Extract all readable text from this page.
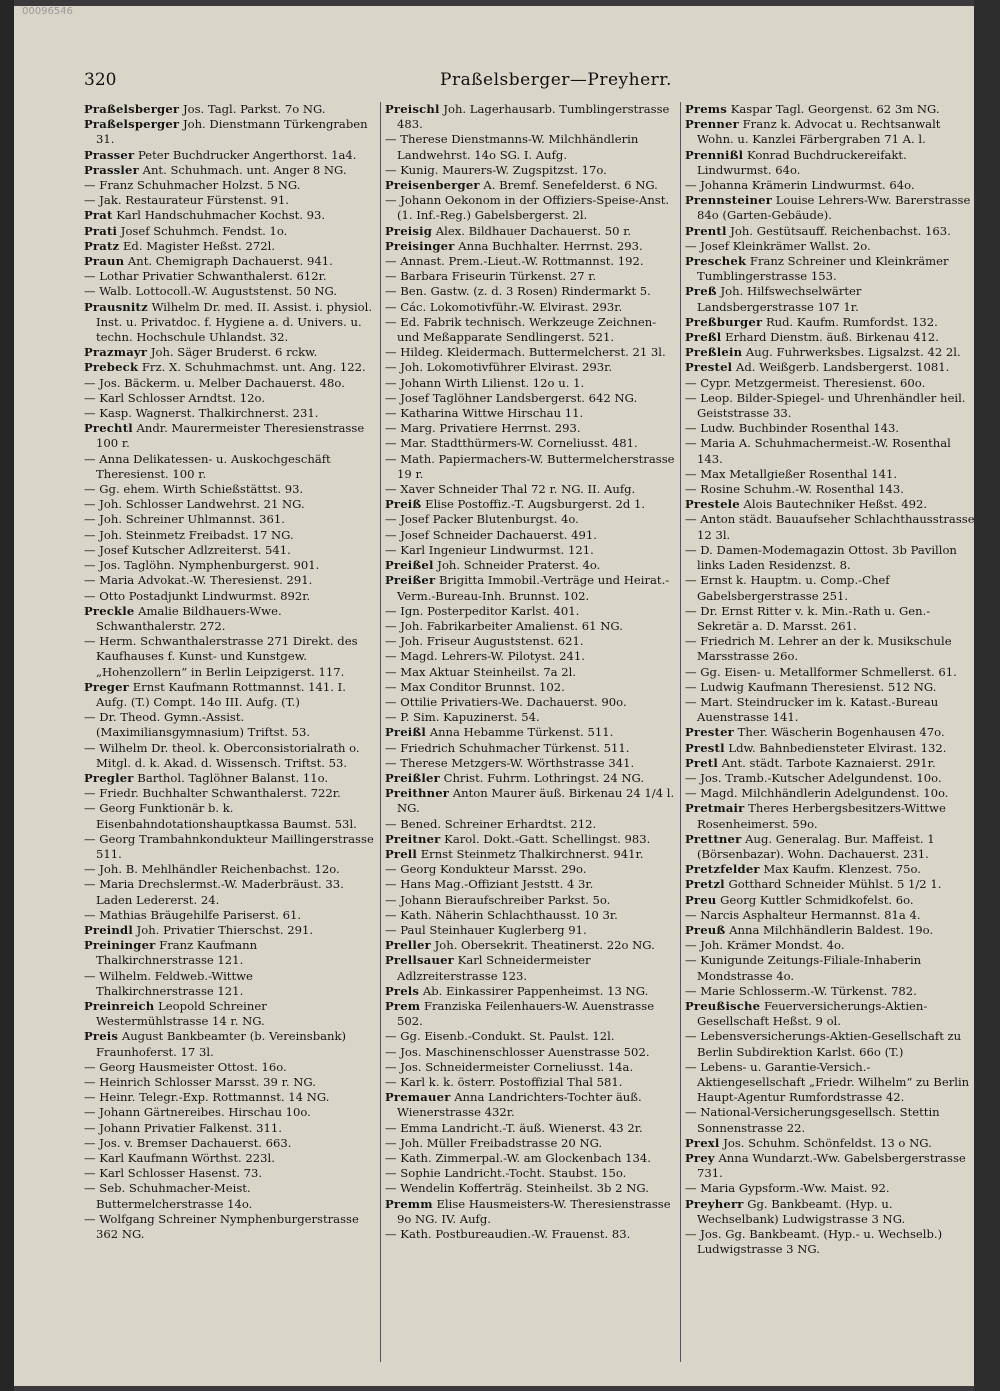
00096546
320	Praßelsberger—Preyherr.

Praßelsberger Jos. Tagl. Parkst. 7o NG.

Praßelsperger Joh. Dienstmann Türkengraben 31.

Prasser Peter Buchdrucker Angerthorst. 1a4.

Prassler Ant. Schuhmach. unt. Anger 8 NG.

— Franz Schuhmacher Holzst. 5 NG.

— Jak. Restaurateur Fürstenst. 91.

Prat Karl Handschuhmacher Kochst. 93.

Prati Josef Schuhmch. Fendst. 1o.

Pratz Ed. Magister Heßst. 272l.

Praun Ant. Chemigraph Dachauerst. 941.

— Lothar Privatier Schwanthalerst. 612r.

— Walb. Lottocoll.-W. Auguststenst. 50 NG.

Prausnitz Wilhelm Dr. med. II. Assist. i. physiol. Inst. u. Privatdoc. f. Hygiene a. d. Univers. u. techn. Hochschule Uhlandst. 32.

Prazmayr Joh. Säger Bruderst. 6 rckw.

Prebeck Frz. X. Schuhmachmst. unt. Ang. 122.

— Jos. Bäckerm. u. Melber Dachauerst. 48o.

— Karl Schlosser Arndtst. 12o.

— Kasp. Wagnerst. Thalkirchnerst. 231.

Prechtl Andr. Maurermeister Theresienstrasse 100 r.

— Anna Delikatessen- u. Auskochgeschäft Theresienst. 100 r.

— Gg. ehem. Wirth Schießstättst. 93.

— Joh. Schlosser Landwehrst. 21 NG.

— Joh. Schreiner Uhlmannst. 361.

— Joh. Steinmetz Freibadst. 17 NG.

— Josef Kutscher Adlzreiterst. 541.

— Jos. Taglöhn. Nymphenburgerst. 901.

— Maria Advokat.-W. Theresienst. 291.

— Otto Postadjunkt Lindwurmst. 892r.

Preckle Amalie Bildhauers-Wwe. Schwanthalerstr. 272.

— Herm. Schwanthalerstrasse 271 Direkt. des Kaufhauses f. Kunst- und Kunstgew. „Hohenzollern“ in Berlin Leipzigerst. 117.

Preger Ernst Kaufmann Rottmannst. 141. I. Aufg. (T.) Compt. 14o III. Aufg. (T.)

— Dr. Theod. Gymn.-Assist. (Maximiliansgymnasium) Triftst. 53.

— Wilhelm Dr. theol. k. Oberconsistorialrath o. Mitgl. d. k. Akad. d. Wissensch. Triftst. 53.

Pregler Barthol. Taglöhner Balanst. 11o.

— Friedr. Buchhalter Schwanthalerst. 722r.

— Georg Funktionär b. k. Eisenbahndotationshauptkassa Baumst. 53l.

— Georg Trambahnkondukteur Maillingerstrasse 511.

— Joh. B. Mehlhändler Reichenbachst. 12o.

— Maria Drechslermst.-W. Maderbräust. 33. Laden Ledererst. 24.

— Mathias Bräugehilfe Pariserst. 61.

Preindl Joh. Privatier Thierschst. 291.

Preininger Franz Kaufmann Thalkirchnerstrasse 121.

— Wilhelm. Feldweb.-Wittwe Thalkirchnerstrasse 121.

Preinreich Leopold Schreiner Westermühlstrasse 14 r. NG.

Preis August Bankbeamter (b. Vereinsbank) Fraunhoferst. 17 3l.

— Georg Hausmeister Ottost. 16o.

— Heinrich Schlosser Marsst. 39 r. NG.

— Heinr. Telegr.-Exp. Rottmannst. 14 NG.

— Johann Gärtnereibes. Hirschau 10o.

— Johann Privatier Falkenst. 311.

— Jos. v. Bremser Dachauerst. 663.

— Karl Kaufmann Wörthst. 223l.

— Karl Schlosser Hasenst. 73.

— Seb. Schuhmacher-Meist. Buttermelcherstrasse 14o.

— Wolfgang Schreiner Nymphenburgerstrasse 362 NG.

Preischl Joh. Lagerhausarb. Tumblingerstrasse 483.

— Therese Dienstmanns-W. Milchhändlerin Landwehrst. 14o SG. I. Aufg.

— Kunig. Maurers-W. Zugspitzst. 17o.

Preisenberger A. Bremf. Senefelderst. 6 NG.

— Johann Oekonom in der Offiziers-Speise-Anst. (1. Inf.-Reg.) Gabelsbergerst. 2l.

Preisig Alex. Bildhauer Dachauerst. 50 r.

Preisinger Anna Buchhalter. Herrnst. 293.

— Annast. Prem.-Lieut.-W. Rottmannst. 192.

— Barbara Friseurin Türkenst. 27 r.

— Ben. Gastw. (z. d. 3 Rosen) Rindermarkt 5.

— Các. Lokomotivführ.-W. Elvirast. 293r.

— Ed. Fabrik technisch. Werkzeuge Zeichnen- und Meßapparate Sendlingerst. 521.

— Hildeg. Kleidermach. Buttermelcherst. 21 3l.

— Joh. Lokomotivführer Elvirast. 293r.

— Johann Wirth Lilienst. 12o u. 1.

— Josef Taglöhner Landsbergerst. 642 NG.

— Katharina Wittwe Hirschau 11.

— Marg. Privatiere Herrnst. 293.

— Mar. Stadtthürmers-W. Corneliusst. 481.

— Math. Papiermachers-W. Buttermelcherstrasse 19 r.

— Xaver Schneider Thal 72 r. NG. II. Aufg.

Preiß Elise Postoffiz.-T. Augsburgerst. 2d 1.

— Josef Packer Blutenburgst. 4o.

— Josef Schneider Dachauerst. 491.

— Karl Ingenieur Lindwurmst. 121.

Preißel Joh. Schneider Praterst. 4o.

Preißer Brigitta Immobil.-Verträge und Heirat.-Verm.-Bureau-Inh. Brunnst. 102.

— Ign. Posterpeditor Karlst. 401.

— Joh. Fabrikarbeiter Amalienst. 61 NG.

— Joh. Friseur Auguststenst. 621.

— Magd. Lehrers-W. Pilotyst. 241.

— Max Aktuar Steinheilst. 7a 2l.

— Max Conditor Brunnst. 102.

— Ottilie Privatiers-We. Dachauerst. 90o.

— P. Sim. Kapuzinerst. 54.

Preißl Anna Hebamme Türkenst. 511.

— Friedrich Schuhmacher Türkenst. 511.

— Therese Metzgers-W. Wörthstrasse 341.

Preißler Christ. Fuhrm. Lothringst. 24 NG.

Preithner Anton Maurer äuß. Birkenau 24 1/4 l. NG.

— Bened. Schreiner Erhardtst. 212.

Preitner Karol. Dokt.-Gatt. Schellingst. 983.

Prell Ernst Steinmetz Thalkirchnerst. 941r.

— Georg Kondukteur Marsst. 29o.

— Hans Mag.-Offiziant Jeststt. 4 3r.

— Johann Bieraufschreiber Parkst. 5o.

— Kath. Näherin Schlachthausst. 10 3r.

— Paul Steinhauer Kuglerberg 91.

Preller Joh. Obersekrit. Theatinerst. 22o NG.

Prellsauer Karl Schneidermeister Adlzreiterstrasse 123.

Prels Ab. Einkassirer Pappenheimst. 13 NG.

Prem Franziska Feilenhauers-W. Auenstrasse 502.

— Gg. Eisenb.-Condukt. St. Paulst. 12l.

— Jos. Maschinenschlosser Auenstrasse 502.

— Jos. Schneidermeister Corneliusst. 14a.

— Karl k. k. österr. Postoffizial Thal 581.

Premauer Anna Landrichters-Tochter äuß. Wienerstrasse 432r.

— Emma Landricht.-T. äuß. Wienerst. 43 2r.

— Joh. Müller Freibadstrasse 20 NG.

— Kath. Zimmerpal.-W. am Glockenbach 134.

— Sophie Landricht.-Tocht. Staubst. 15o.

— Wendelin Kofferträg. Steinheilst. 3b 2 NG.

Premm Elise Hausmeisters-W. Theresienstrasse 9o NG. IV. Aufg.

— Kath. Postbureaudien.-W. Frauenst. 83.

Prems Kaspar Tagl. Georgenst. 62 3m NG.

Prenner Franz k. Advocat u. Rechtsanwalt Wohn. u. Kanzlei Färbergraben 71 A. l.

Prennißl Konrad Buchdruckereifakt. Lindwurmst. 64o.

— Johanna Krämerin Lindwurmst. 64o.

Prennsteiner Louise Lehrers-Ww. Barerstrasse 84o (Garten-Gebäude).

Prentl Joh. Gestütsauff. Reichenbachst. 163.

— Josef Kleinkrämer Wallst. 2o.

Preschek Franz Schreiner und Kleinkrämer Tumblingerstrasse 153.

Preß Joh. Hilfswechselwärter Landsbergerstrasse 107 1r.

Preßburger Rud. Kaufm. Rumfordst. 132.

Preßl Erhard Dienstm. äuß. Birkenau 412.

Preßlein Aug. Fuhrwerksbes. Ligsalzst. 42 2l.

Prestel Ad. Weißgerb. Landsbergerst. 1081.

— Cypr. Metzgermeist. Theresienst. 60o.

— Leop. Bilder-Spiegel- und Uhrenhändler heil. Geiststrasse 33.

— Ludw. Buchbinder Rosenthal 143.

— Maria A. Schuhmachermeist.-W. Rosenthal 143.

— Max Metallgießer Rosenthal 141.

— Rosine Schuhm.-W. Rosenthal 143.

Prestele Alois Bautechniker Heßst. 492.

— Anton städt. Bauaufseher Schlachthausstrasse 12 3l.

— D. Damen-Modemagazin Ottost. 3b Pavillon links Laden Residenzst. 8.

— Ernst k. Hauptm. u. Comp.-Chef Gabelsbergerstrasse 251.

— Dr. Ernst Ritter v. k. Min.-Rath u. Gen.-Sekretär a. D. Marsst. 261.

— Friedrich M. Lehrer an der k. Musikschule Marsstrasse 26o.

— Gg. Eisen- u. Metallformer Schmellerst. 61.

— Ludwig Kaufmann Theresienst. 512 NG.

— Mart. Steindrucker im k. Katast.-Bureau Auenstrasse 141.

Prester Ther. Wäscherin Bogenhausen 47o.

Prestl Ldw. Bahnbediensteter Elvirast. 132.

Pretl Ant. städt. Tarbote Kaznaierst. 291r.

— Jos. Tramb.-Kutscher Adelgundenst. 10o.

— Magd. Milchhändlerin Adelgundenst. 10o.

Pretmair Theres Herbergsbesitzers-Wittwe Rosenheimerst. 59o.

Prettner Aug. Generalag. Bur. Maffeist. 1 (Börsenbazar). Wohn. Dachauerst. 231.

Pretzfelder Max Kaufm. Klenzest. 75o.

Pretzl Gotthard Schneider Mühlst. 5 1/2 1.

Preu Georg Kuttler Schmidkofelst. 6o.

— Narcis Asphalteur Hermannst. 81a 4.

Preuß Anna Milchhändlerin Baldest. 19o.

— Joh. Krämer Mondst. 4o.

— Kunigunde Zeitungs-Filiale-Inhaberin Mondstrasse 4o.

— Marie Schlosserm.-W. Türkenst. 782.

Preußische Feuerversicherungs-Aktien-Gesellschaft Heßst. 9 ol.

— Lebensversicherungs-Aktien-Gesellschaft zu Berlin Subdirektion Karlst. 66o (T.)

— Lebens- u. Garantie-Versich.-Aktiengesellschaft „Friedr. Wilhelm“ zu Berlin Haupt-Agentur Rumfordstrasse 42.

— National-Versicherungsgesellsch. Stettin Sonnenstrasse 22.

Prexl Jos. Schuhm. Schönfeldst. 13 o NG.

Prey Anna Wundarzt.-Ww. Gabelsbergerstrasse 731.

— Maria Gypsform.-Ww. Maist. 92.

Preyherr Gg. Bankbeamt. (Hyp. u. Wechselbank) Ludwigstrasse 3 NG.

— Jos. Gg. Bankbeamt. (Hyp.- u. Wechselb.) Ludwigstrasse 3 NG.
